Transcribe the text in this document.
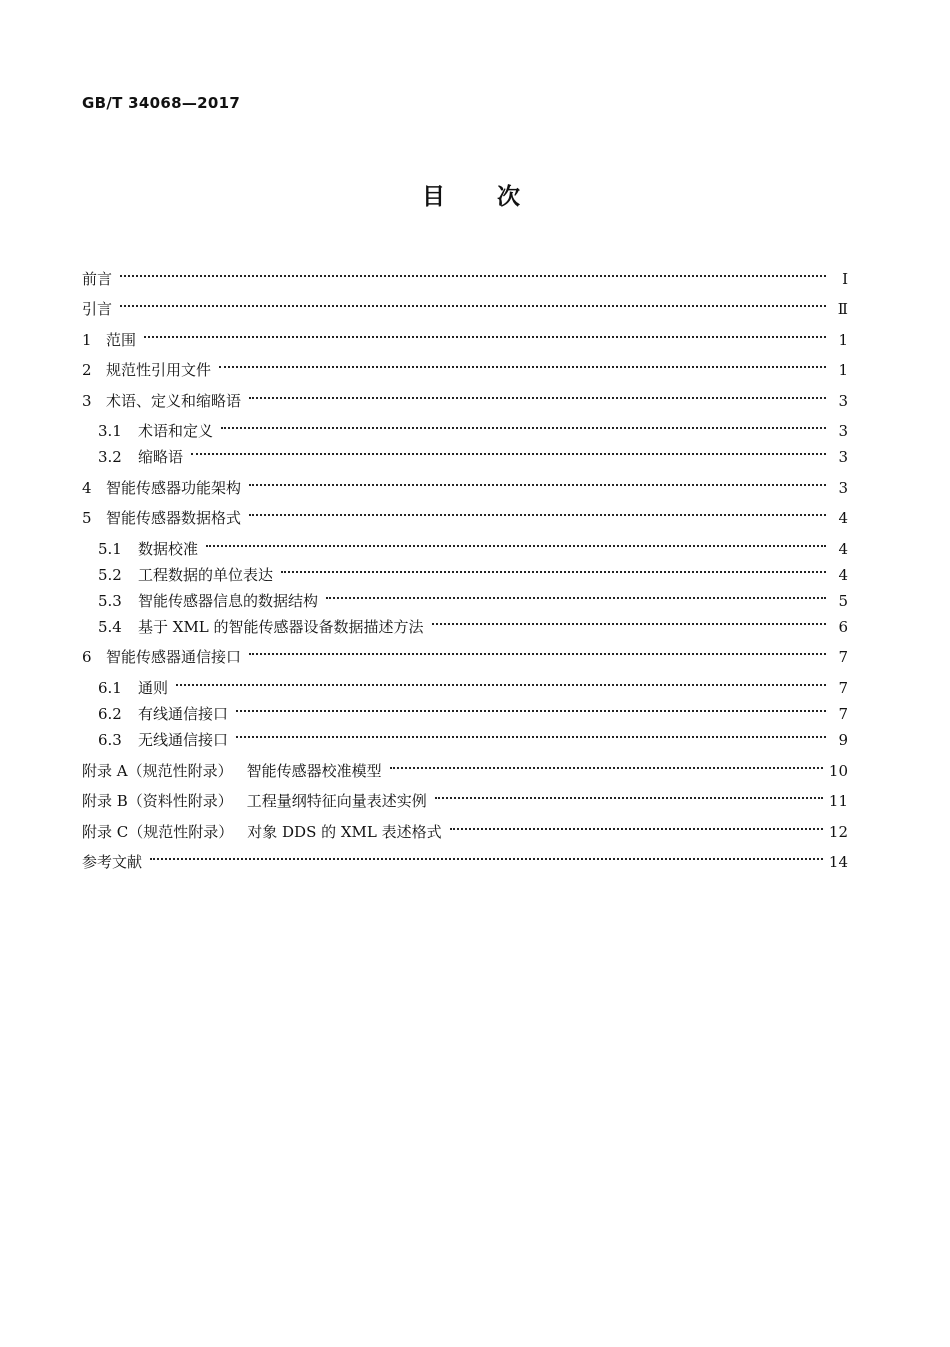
GB/T 34068—2017
目次
前言	Ⅰ
引言	Ⅱ
1 范围	1
2 规范性引用文件	1
3 术语、定义和缩略语	3
3.1	术语和定义	3
3.2	缩略语	3
4 智能传感器功能架构	3
5 智能传感器数据格式	4
5.1	数据校准	4
5.2	工程数据的单位表达	4
5.3	智能传感器信息的数据结构	5
5.4	基于 XML 的智能传感器设备数据描述方法	6
6 智能传感器通信接口	7
6.1	通则	7
6.2	有线通信接口	7
6.3	无线通信接口	9
附录 A（规范性附录） 智能传感器校准模型	10
附录 B（资料性附录） 工程量纲特征向量表述实例	11
附录 C（规范性附录） 对象 DDS 的 XML 表述格式	12
参考文献	14
